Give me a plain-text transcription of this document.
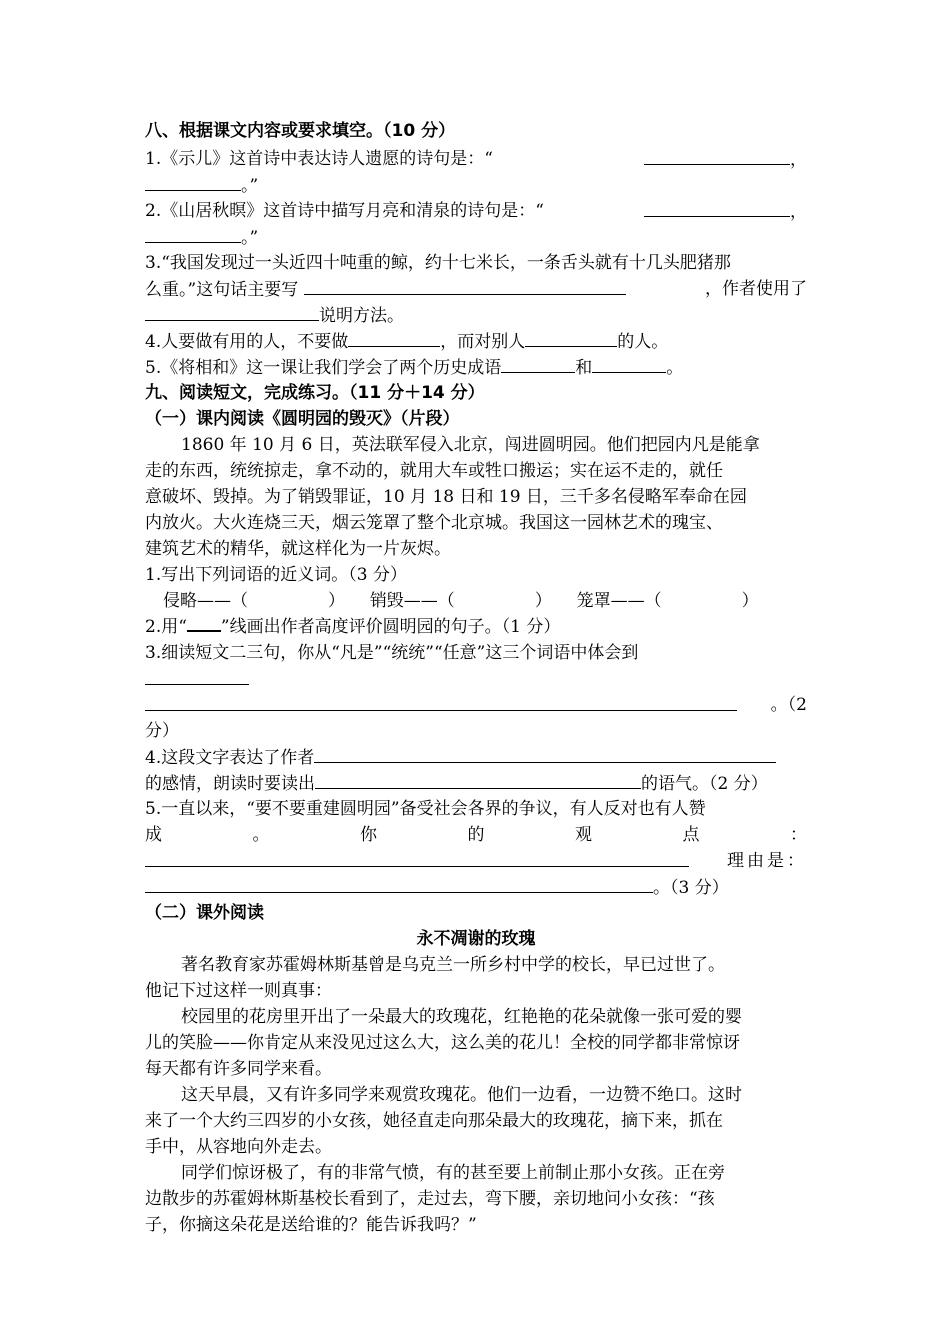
八、根据课文内容或要求填空。（10 分）
1.《示儿》这首诗中表达诗人遗愿的诗句是：“	，
。”
2.《山居秋暝》这首诗中描写月亮和清泉的诗句是：“	，
。”
3.“我国发现过一头近四十吨重的鲸，约十七米长，一条舌头就有十几头肥猪那
么重。”这句话主要写	，作者使用了
说明方法。
4.人要做有用的人，不要做	，而对别人	的人。
5.《将相和》这一课让我们学会了两个历史成语	和	。
九、阅读短文，完成练习。（11 分＋14 分）
（一）课内阅读《圆明园的毁灭》（片段）
1860 年 10 月 6 日，英法联军侵入北京，闯进圆明园。他们把园内凡是能拿
走的东西，统统掠走，拿不动的，就用大车或牲口搬运；实在运不走的，就任
意破坏、毁掉。为了销毁罪证，10 月 18 日和 19 日，三千多名侵略军奉命在园
内放火。大火连烧三天，烟云笼罩了整个北京城。我国这一园林艺术的瑰宝、
建筑艺术的精华，就这样化为一片灰烬。
1.写出下列词语的近义词。（3 分）
侵略——（	） 销毁——（	） 笼罩——（	）
2.用“ ”线画出作者高度评价圆明园的句子。（1 分）
3.细读短文二三句，你从“凡是”“统统”“任意”这三个词语中体会到
。（2
分）
4.这段文字表达了作者
的感情，朗读时要读出	的语气。（2 分）
5.一直以来，“要不要重建圆明园”备受社会各界的争议，有人反对也有人赞
成	。	你	的	观	点	：
理由是：
。（3 分）
（二）课外阅读
永不凋谢的玫瑰
著名教育家苏霍姆林斯基曾是乌克兰一所乡村中学的校长，早已过世了。
他记下过这样一则真事：
校园里的花房里开出了一朵最大的玫瑰花，红艳艳的花朵就像一张可爱的婴
儿的笑脸——你肯定从来没见过这么大，这么美的花儿！全校的同学都非常惊讶
每天都有许多同学来看。
这天早晨，又有许多同学来观赏玫瑰花。他们一边看，一边赞不绝口。这时
来了一个大约三四岁的小女孩，她径直走向那朵最大的玫瑰花，摘下来，抓在
手中，从容地向外走去。
同学们惊讶极了，有的非常气愤，有的甚至要上前制止那小女孩。正在旁
边散步的苏霍姆林斯基校长看到了，走过去，弯下腰，亲切地问小女孩：“孩
子，你摘这朵花是送给谁的？能告诉我吗？”
